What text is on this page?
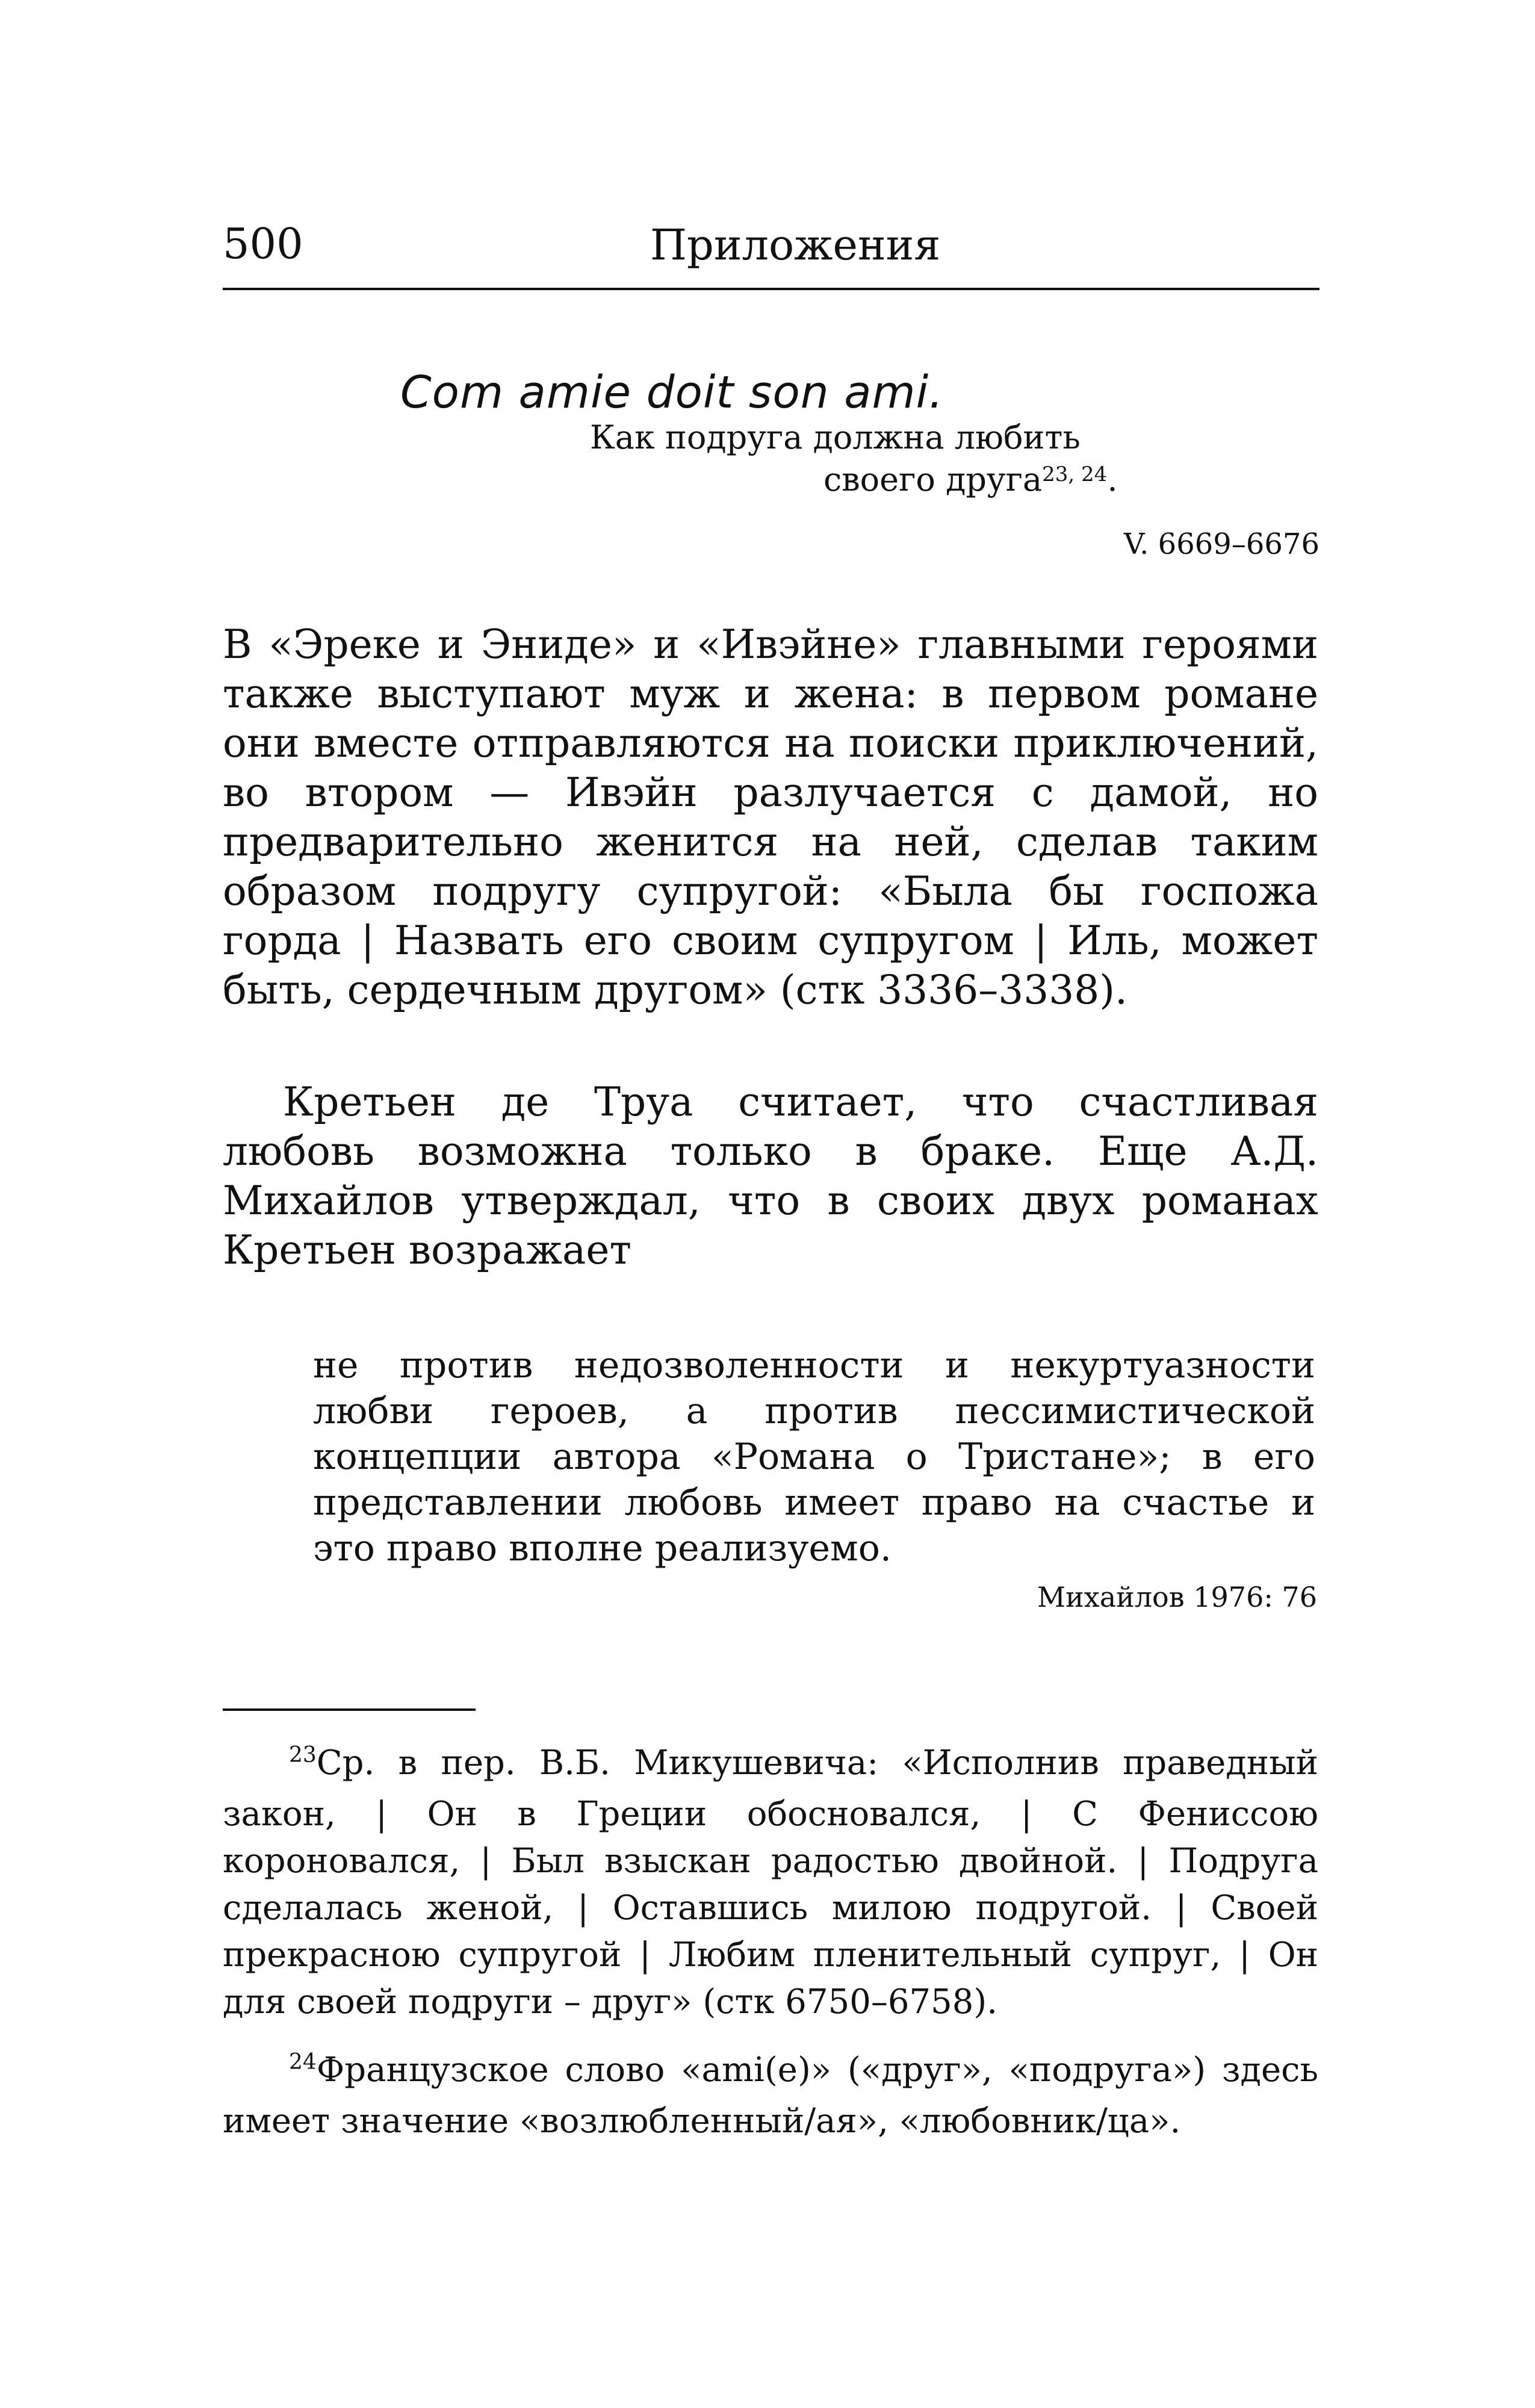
500	Приложения
Com amie doit son ami.
Как подруга должна любить
своего друга$^{23, 24}$.
V. 6669–6676

В «Эреке и Эниде» и «Ивэйне» главными героями также выступают муж и жена: в первом романе они вместе отправляются на поиски приключений, во втором — Ивэйн разлучается с дамой, но предварительно женится на ней, сделав таким образом подругу супругой: «Была бы госпожа горда | Назвать его своим супругом | Иль, может быть, сердечным другом» (стк 3336–3338).

Кретьен де Труа считает, что счастливая любовь возможна только в браке. Еще А.Д. Михайлов утверждал, что в своих двух романах Кретьен возражает

не против недозволенности и некуртуазности любви героев, а против пессимистической концепции автора «Романа о Тристане»; в его представлении любовь имеет право на счастье и это право вполне реализуемо.
Михайлов 1976: 76
$^{23}$Ср. в пер. В.Б. Микушевича: «Исполнив праведный закон, | Он в Греции обосновался, | С Фениссою короновался, | Был взыскан радостью двойной. | Подруга сделалась женой, | Оставшись милою подругой. | Своей прекрасною супругой | Любим пленительный супруг, | Он для своей подруги – друг» (стк 6750–6758).
$^{24}$Французское слово «ami(e)» («друг», «подруга») здесь имеет значение «возлюбленный/ая», «любовник/ца».
